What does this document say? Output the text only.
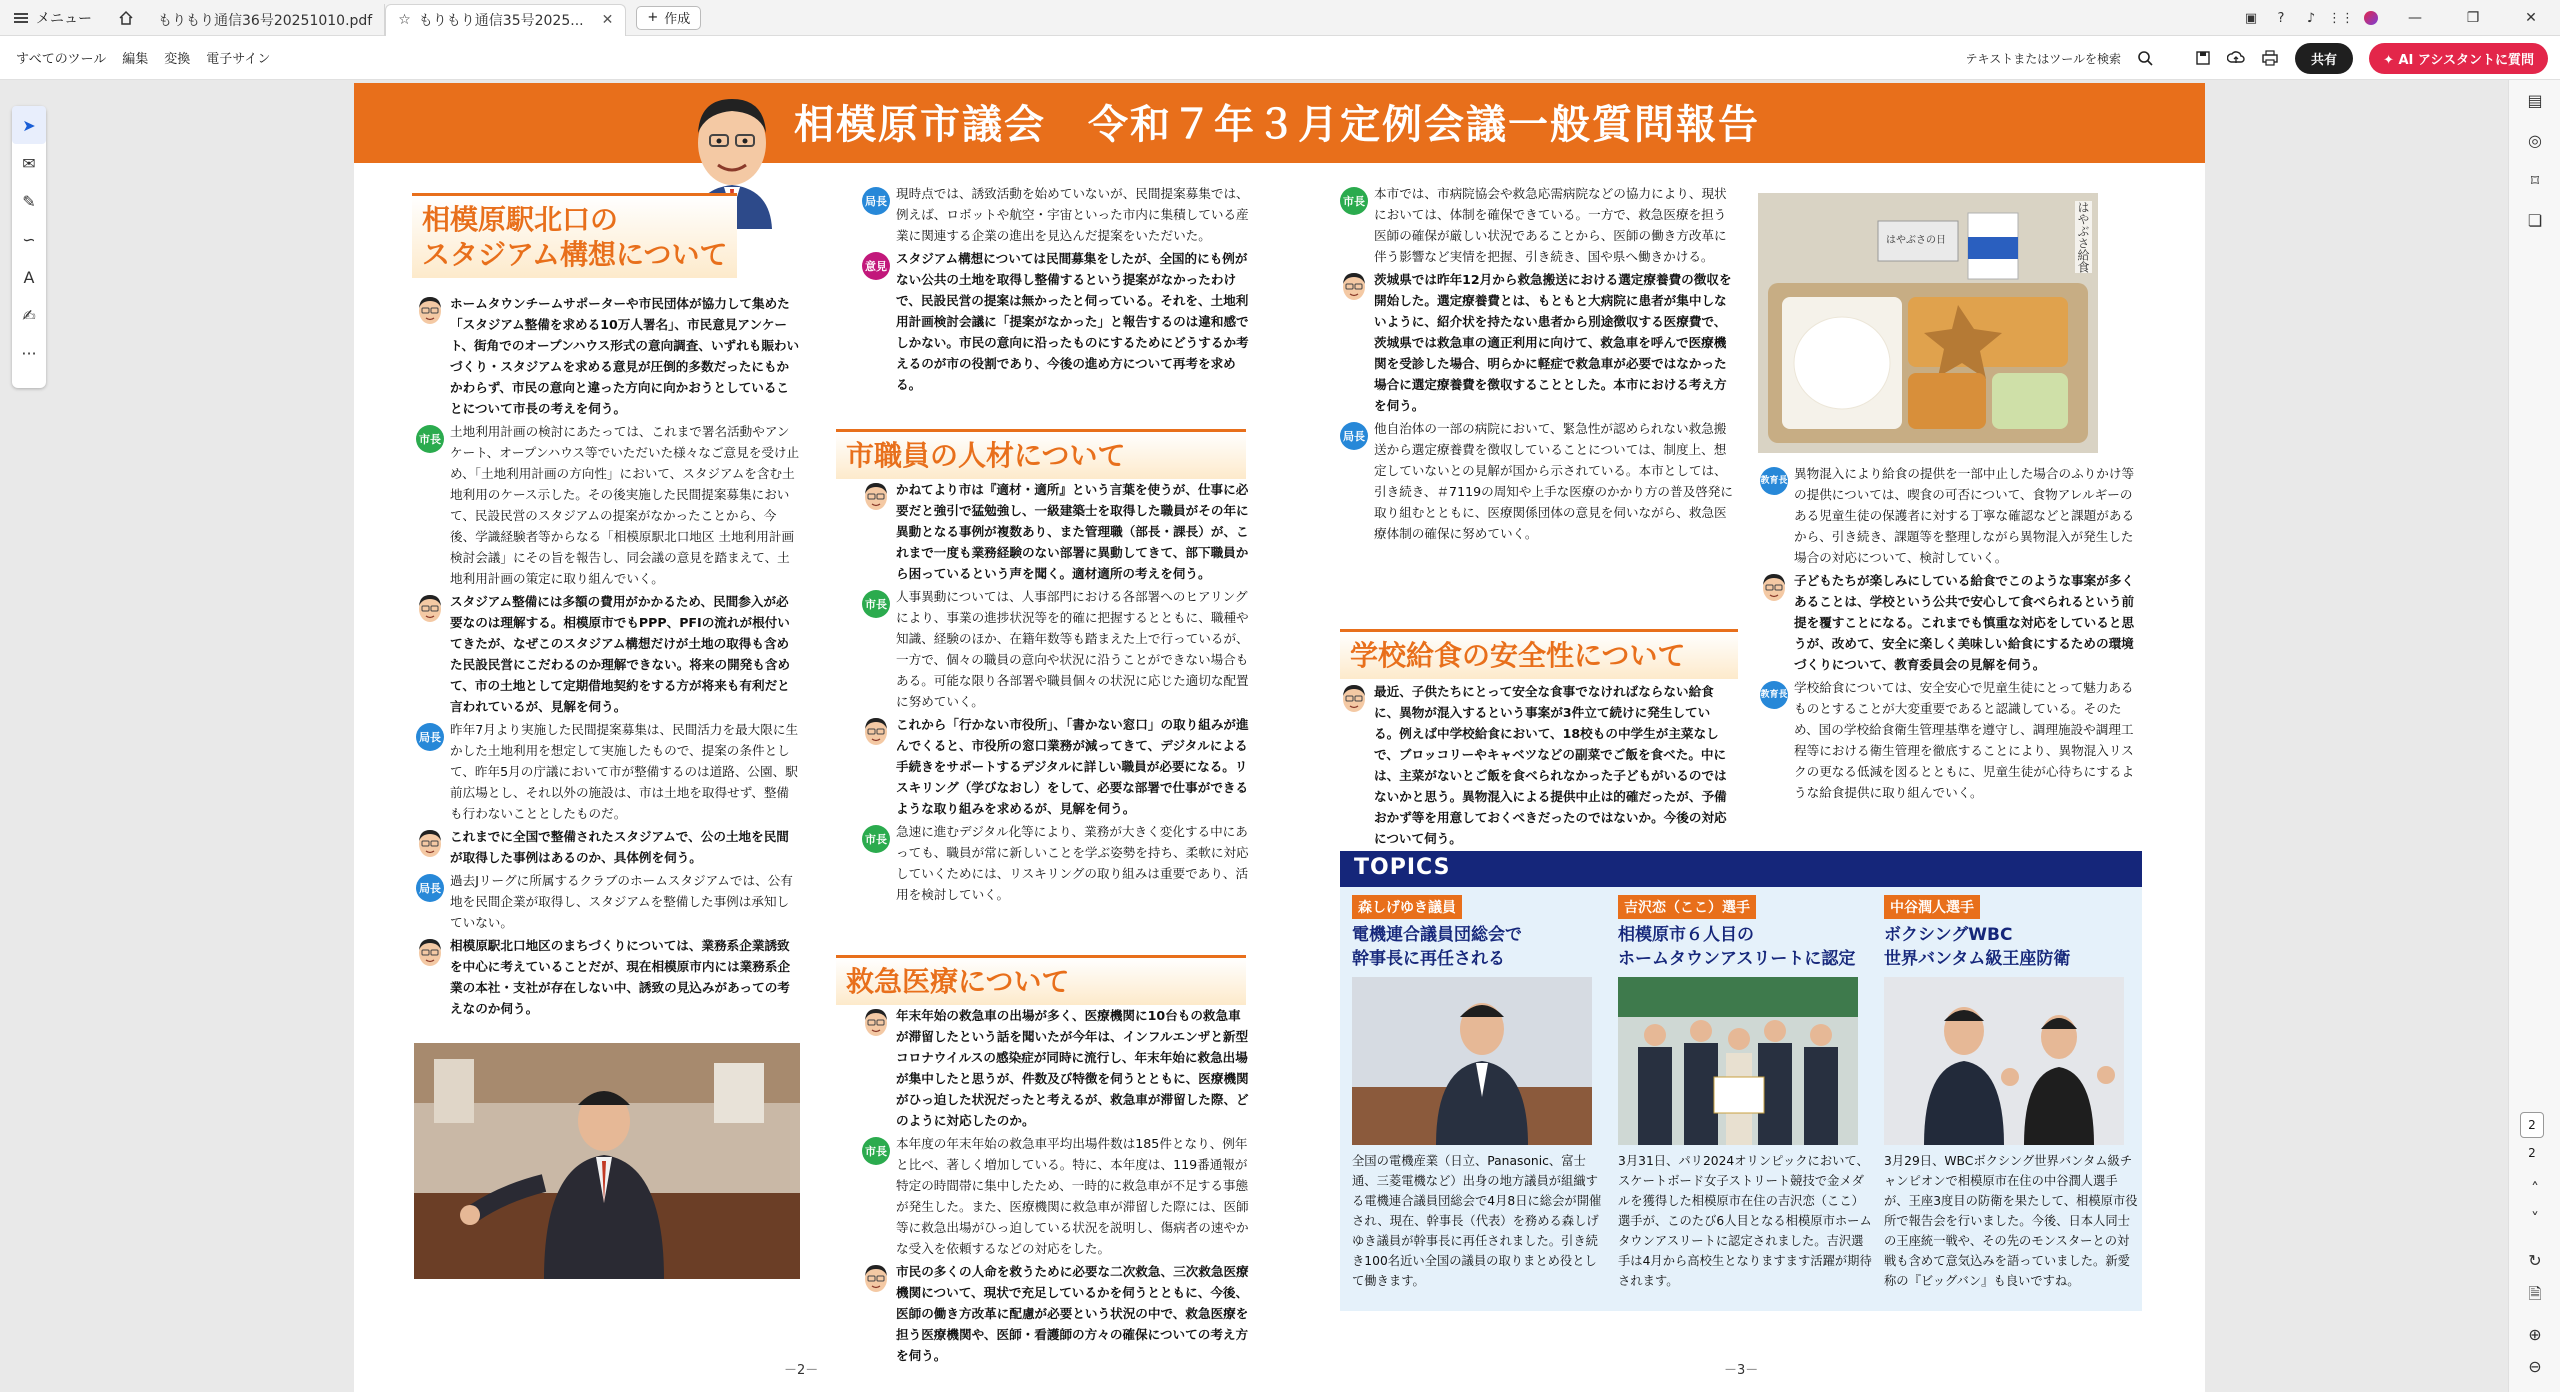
メニュー	もりもり通信36号20251010.pdf ☆ もりもり通信35号2025... ✕	+ 作成	▣	?	♪ ⋮⋮	—	❐	✕
すべてのツール	編集	変換	電子サイン	テキストまたはツールを検索	共有	✦ AI アシスタントに質問
➤
✉
✎
∽
A
✍
···
▤
◎
⌑
❏
˄
˅
↻
🗎
⊕
⊖
2
2
相模原市議会　令和７年３月定例会議一般質問報告
相模原駅北口の
スタジアム構想について
ホームタウンチームサポーターや市民団体が協力して集めた「スタジアム整備を求める10万人署名」、市民意見アンケート、街角でのオープンハウス形式の意向調査、いずれも賑わいづくり・スタジアムを求める意見が圧倒的多数だったにもかかわらず、市民の意向と違った方向に向かおうとしていることについて市長の考えを伺う。
市長 土地利用計画の検討にあたっては、これまで署名活動やアンケート、オープンハウス等でいただいた様々なご意見を受け止め、「土地利用計画の方向性」において、スタジアムを含む土地利用のケース示した。その後実施した民間提案募集において、民設民営のスタジアムの提案がなかったことから、今後、学識経験者等からなる「相模原駅北口地区 土地利用計画検討会議」にその旨を報告し、同会議の意見を踏まえて、土地利用計画の策定に取り組んでいく。
スタジアム整備には多額の費用がかかるため、民間参入が必要なのは理解する。相模原市でもPPP、PFIの流れが根付いてきたが、なぜこのスタジアム構想だけが土地の取得も含めた民設民営にこだわるのか理解できない。将来の開発も含めて、市の土地として定期借地契約をする方が将来も有利だと言われているが、見解を伺う。
局長 昨年7月より実施した民間提案募集は、民間活力を最大限に生かした土地利用を想定して実施したもので、提案の条件として、昨年5月の庁議において市が整備するのは道路、公園、駅前広場とし、それ以外の施設は、市は土地を取得せず、整備も行わないこととしたものだ。
これまでに全国で整備されたスタジアムで、公の土地を民間が取得した事例はあるのか、具体例を伺う。
局長 過去Jリーグに所属するクラブのホームスタジアムでは、公有地を民間企業が取得し、スタジアムを整備した事例は承知していない。
相模原駅北口地区のまちづくりについては、業務系企業誘致を中心に考えていることだが、現在相模原市内には業務系企業の本社・支社が存在しない中、誘致の見込みがあっての考えなのか伺う。
局長 現時点では、誘致活動を始めていないが、民間提案募集では、例えば、ロボットや航空・宇宙といった市内に集積している産業に関連する企業の進出を見込んだ提案をいただいた。
意見 スタジアム構想については民間募集をしたが、全国的にも例がない公共の土地を取得し整備するという提案がなかったわけで、民設民営の提案は無かったと伺っている。それを、土地利用計画検討会議に「提案がなかった」と報告するのは違和感でしかない。市民の意向に沿ったものにするためにどうするか考えるのが市の役割であり、今後の進め方について再考を求める。
市職員の人材について
かねてより市は『適材・適所』という言葉を使うが、仕事に必要だと強引で猛勉強し、一級建築士を取得した職員がその年に異動となる事例が複数あり、また管理職（部長・課長）が、これまで一度も業務経験のない部署に異動してきて、部下職員から困っているという声を聞く。適材適所の考えを伺う。
市長 人事異動については、人事部門における各部署へのヒアリングにより、事業の進捗状況等を的確に把握するとともに、職種や知識、経験のほか、在籍年数等も踏まえた上で行っているが、一方で、個々の職員の意向や状況に沿うことができない場合もある。可能な限り各部署や職員個々の状況に応じた適切な配置に努めていく。
これから「行かない市役所」、「書かない窓口」の取り組みが進んでくると、市役所の窓口業務が減ってきて、デジタルによる手続きをサポートするデジタルに詳しい職員が必要になる。リスキリング（学びなおし）をして、必要な部署で仕事ができるような取り組みを求めるが、見解を伺う。
市長 急速に進むデジタル化等により、業務が大きく変化する中にあっても、職員が常に新しいことを学ぶ姿勢を持ち、柔軟に対応していくためには、リスキリングの取り組みは重要であり、活用を検討していく。
救急医療について
年末年始の救急車の出場が多く、医療機関に10台もの救急車が滞留したという話を聞いたが今年は、インフルエンザと新型コロナウイルスの感染症が同時に流行し、年末年始に救急出場が集中したと思うが、件数及び特徴を伺うとともに、医療機関がひっ迫した状況だったと考えるが、救急車が滞留した際、どのように対応したのか。
市長 本年度の年末年始の救急車平均出場件数は185件となり、例年と比べ、著しく増加している。特に、本年度は、119番通報が特定の時間帯に集中したため、一時的に救急車が不足する事態が発生した。また、医療機関に救急車が滞留した際には、医師等に救急出場がひっ迫している状況を説明し、傷病者の速やかな受入を依頼するなどの対応をした。
市民の多くの人命を救うために必要な二次救急、三次救急医療機関について、現状で充足しているかを伺うとともに、今後、医師の働き方改革に配慮が必要という状況の中で、救急医療を担う医療機関や、医師・看護師の方々の確保についての考え方を伺う。
市長 本市では、市病院協会や救急応需病院などの協力により、現状においては、体制を確保できている。一方で、救急医療を担う医師の確保が厳しい状況であることから、医師の働き方改革に伴う影響など実情を把握、引き続き、国や県へ働きかける。
茨城県では昨年12月から救急搬送における選定療養費の徴収を開始した。選定療養費とは、もともと大病院に患者が集中しないように、紹介状を持たない患者から別途徴収する医療費で、茨城県では救急車の適正利用に向けて、救急車を呼んで医療機関を受診した場合、明らかに軽症で救急車が必要ではなかった場合に選定療養費を徴収することとした。本市における考え方を伺う。
局長 他自治体の一部の病院において、緊急性が認められない救急搬送から選定療養費を徴収していることについては、制度上、想定していないとの見解が国から示されている。本市としては、引き続き、＃7119の周知や上手な医療のかかり方の普及啓発に取り組むとともに、医療関係団体の意見を伺いながら、救急医療体制の確保に努めていく。
学校給食の安全性について
最近、子供たちにとって安全な食事でなければならない給食に、異物が混入するという事案が3件立て続けに発生している。例えば中学校給食において、18校もの中学生が主菜なしで、ブロッコリーやキャベツなどの副菜でご飯を食べた。中には、主菜がないとご飯を食べられなかった子どもがいるのではないかと思う。異物混入による提供中止は的確だったが、予備おかず等を用意しておくべきだったのではないか。今後の対応について伺う。
はやぶさの日	はやぶさ給食
教育長 異物混入により給食の提供を一部中止した場合のふりかけ等の提供については、喫食の可否について、食物アレルギーのある児童生徒の保護者に対する丁寧な確認などと課題があるから、引き続き、課題等を整理しながら異物混入が発生した場合の対応について、検討していく。
子どもたちが楽しみにしている給食でこのような事案が多くあることは、学校という公共で安心して食べられるという前提を覆すことになる。これまでも慎重な対応をしていると思うが、改めて、安全に楽しく美味しい給食にするための環境づくりについて、教育委員会の見解を伺う。
教育長 学校給食については、安全安心で児童生徒にとって魅力あるものとすることが大変重要であると認識している。そのため、国の学校給食衛生管理基準を遵守し、調理施設や調理工程等における衛生管理を徹底することにより、異物混入リスクの更なる低減を図るとともに、児童生徒が心待ちにするような給食提供に取り組んでいく。
TOPICS
森しげゆき議員
電機連合議員団総会で
幹事長に再任される
全国の電機産業（日立、Panasonic、富士通、三菱電機など）出身の地方議員が組織する電機連合議員団総会で4月8日に総会が開催され、現在、幹事長（代表）を務める森しげゆき議員が幹事長に再任されました。引き続き100名近い全国の議員の取りまとめ役として働きます。
吉沢恋（ここ）選手
相模原市６人目の
ホームタウンアスリートに認定
3月31日、パリ2024オリンピックにおいて、スケートボード女子ストリート競技で金メダルを獲得した相模原市在住の吉沢恋（ここ）選手が、このたび6人目となる相模原市ホームタウンアスリートに認定されました。吉沢選手は4月から高校生となりますます活躍が期待されます。
中谷潤人選手
ボクシングWBC
世界バンタム級王座防衛
3月29日、WBCボクシング世界バンタム級チャンピオンで相模原市在住の中谷潤人選手が、王座3度目の防衛を果たして、相模原市役所で報告会を行いました。今後、日本人同士の王座統一戦や、その先のモンスターとの対戦も含めて意気込みを語っていました。新愛称の『ビッグバン』も良いですね。
－2－	－3－
